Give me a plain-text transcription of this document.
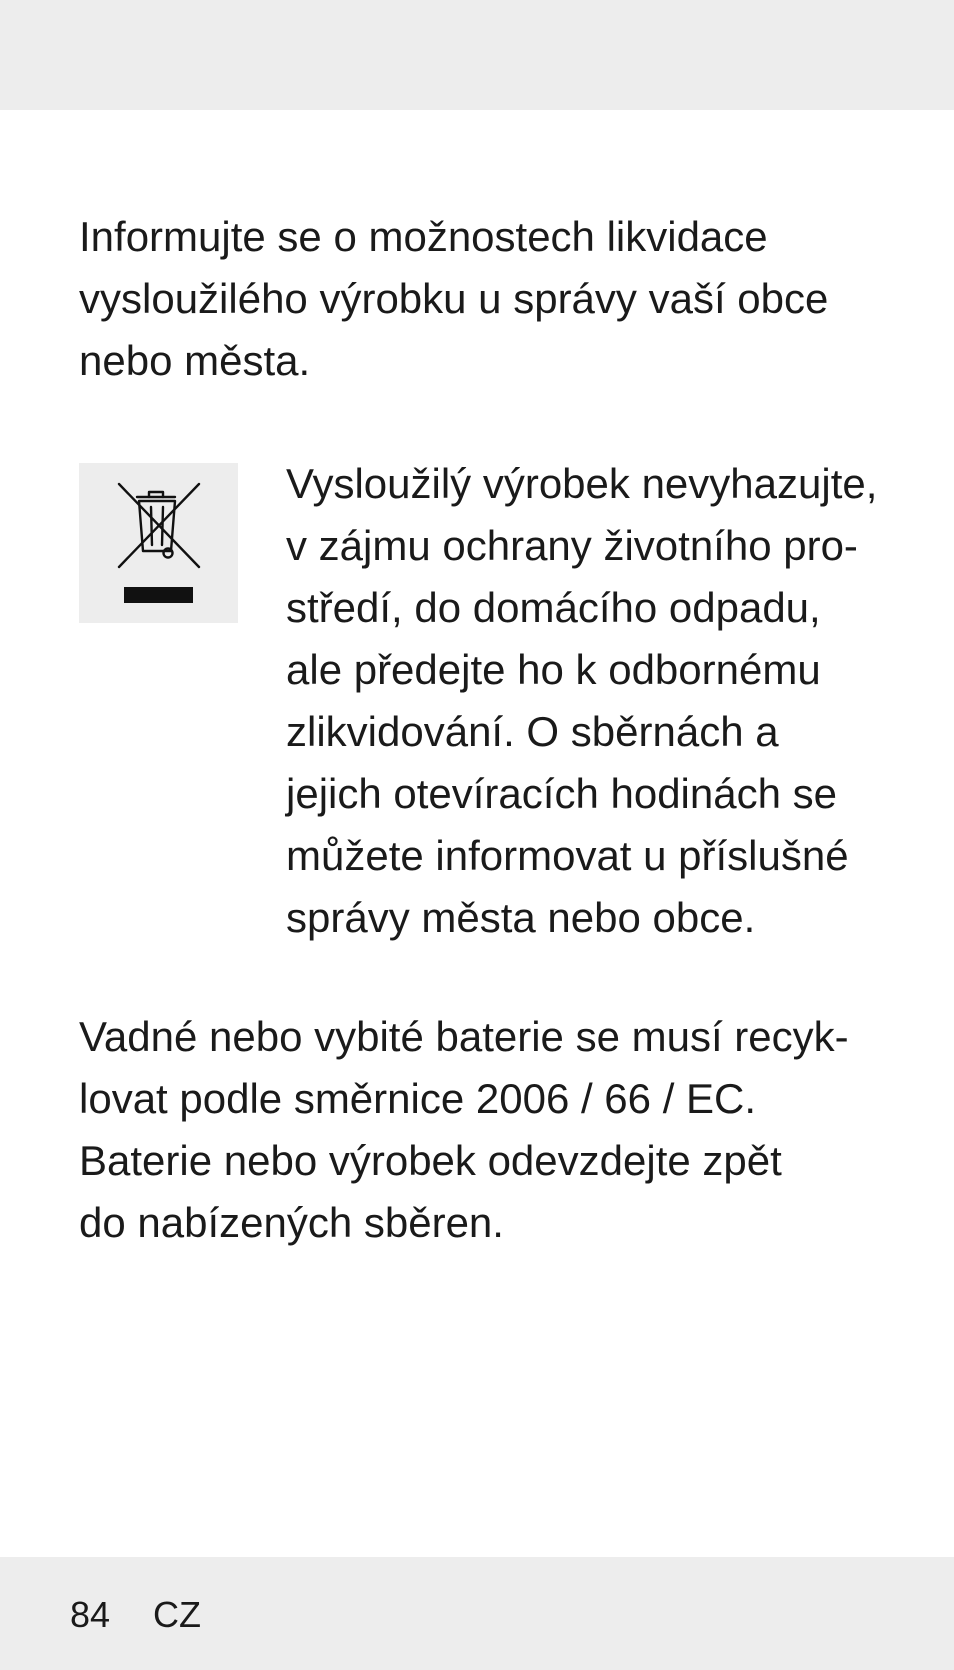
Informujte se o možnostech likvidace
vysloužilého výrobku u správy vaší obce
nebo města.

Vysloužilý výrobek nevyhazujte,
v zájmu ochrany životního pro-
středí, do domácího odpadu,
ale předejte ho k odbornému
zlikvidování. O sběrnách a
jejich otevíracích hodinách se
můžete informovat u příslušné
správy města nebo obce.

Vadné nebo vybité baterie se musí recyk-
lovat podle směrnice 2006 / 66 / EC.
Baterie nebo výrobek odevzdejte zpět
do nabízených sběren.

84 CZ
